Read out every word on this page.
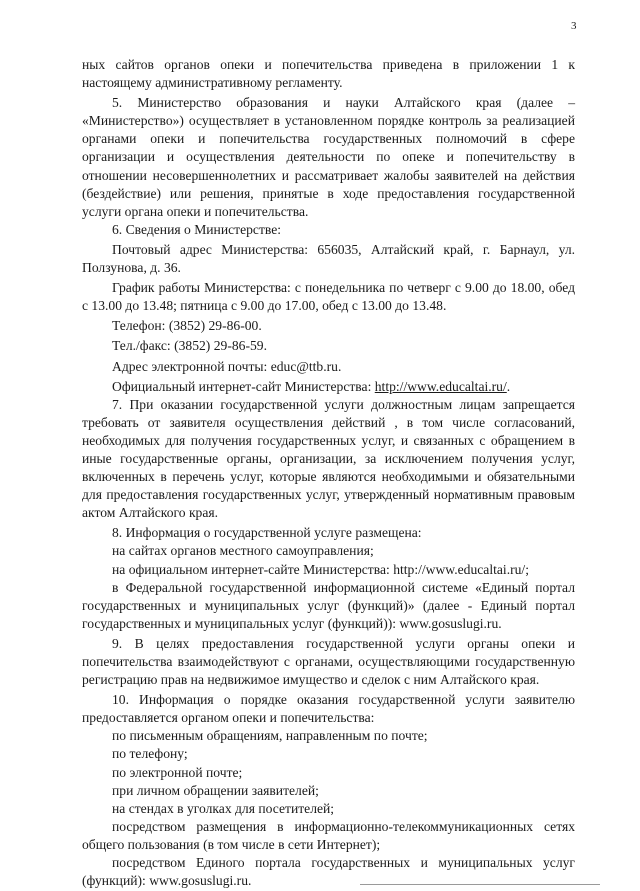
3

ных сайтов органов опеки и попечительства приведена в приложении 1 к настоящему административному регламенту.

5. Министерство образования и науки Алтайского края (далее – «Министерство») осуществляет в установленном порядке контроль за реализацией органами опеки и попечительства государственных полномочий в сфере организации и осуществления деятельности по опеке и попечительству в отношении несовершеннолетних и рассматривает жалобы заявителей на действия (бездействие) или решения, принятые в ходе предоставления государственной услуги органа опеки и попечительства.

6. Сведения о Министерстве:

Почтовый адрес Министерства: 656035, Алтайский край, г. Барнаул, ул. Ползунова, д. 36.

График работы Министерства: с понедельника по четверг с 9.00 до 18.00, обед с 13.00 до 13.48; пятница с 9.00 до 17.00, обед с 13.00 до 13.48.

Телефон: (3852) 29-86-00.

Тел./факс: (3852) 29-86-59.

Адрес электронной почты: educ@ttb.ru.

Официальный интернет-сайт Министерства: http://www.educaltai.ru/.

7. При оказании государственной услуги должностным лицам запрещается требовать от заявителя осуществления действий , в том числе согласований, необходимых для получения государственных услуг, и связанных с обращением в иные государственные органы, организации, за исключением получения услуг, включенных в перечень услуг, которые являются необходимыми и обязательными для предоставления государственных услуг, утвержденный нормативным правовым актом Алтайского края.

8. Информация о государственной услуге размещена:

на сайтах органов местного самоуправления;

на официальном интернет-сайте Министерства: http://www.educaltai.ru/;

в Федеральной государственной информационной системе «Единый портал государственных и муниципальных услуг (функций)» (далее - Единый портал государственных и муниципальных услуг (функций)): www.gosuslugi.ru.

9. В целях предоставления государственной услуги органы опеки и попечительства взаимодействуют с органами, осуществляющими государственную регистрацию прав на недвижимое имущество и сделок с ним Алтайского края.

10. Информация о порядке оказания государственной услуги заявителю предоставляется органом опеки и попечительства:

по письменным обращениям, направленным по почте;

по телефону;

по электронной почте;

при личном обращении заявителей;

на стендах в уголках для посетителей;

посредством размещения в информационно-телекоммуникационных сетях общего пользования (в том числе в сети Интернет);

посредством Единого портала государственных и муниципальных услуг (функций): www.gosuslugi.ru.
